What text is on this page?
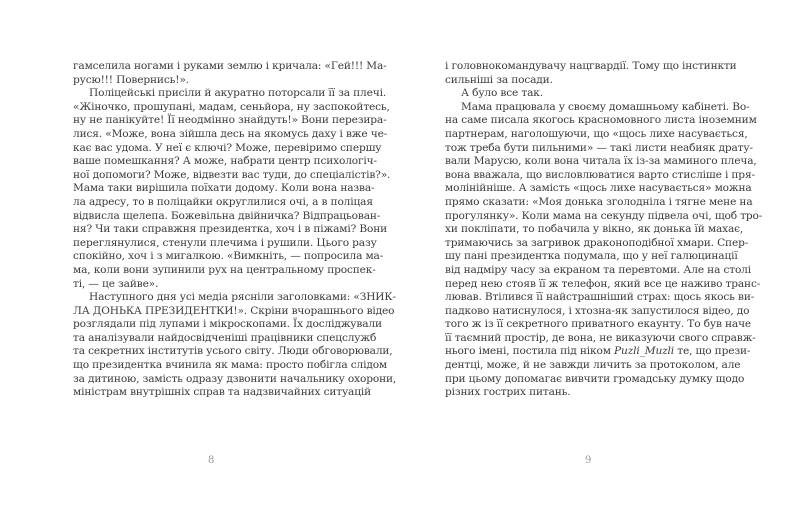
гамселила ногами і руками землю і кричала: «Гей!!! Ма-
русю!!! Повернись!».
Поліцейські присіли й акуратно поторсали її за плечі.
«Жіночко, прошупані, мадам, сеньйора, ну заспокойтесь,
ну не панікуйте! Її неодмінно знайдуть!» Вони перезира-
лися. «Може, вона зійшла десь на якомусь даху і вже че-
кає вас удома. У неї є ключі? Може, перевіримо спершу
ваше помешкання? А може, набрати центр психологіч-
ної допомоги? Може, відвезти вас туди, до спеціалістів?».
Мама таки вирішила поїхати додому. Коли вона назва-
ла адресу, то в поліцайки округлилися очі, а в поліцая
відвисла щелепа. Божевільна двійничка? Відпрацьован-
ня? Чи таки справжня президентка, хоч і в піжамі? Вони
переглянулися, стенули плечима і рушили. Цього разу
спокійно, хоч і з мигалкою. «Вимкніть, — попросила ма-
ма, коли вони зупинили рух на центральному проспек-
ті, — це зайве».
Наступного дня усі медіа рясніли заголовками: «ЗНИК-
ЛА ДОНЬКА ПРЕЗИДЕНТКИ!». Скріни вчорашнього відео
розглядали під лупами і мікроскопами. Їх досліджували
та аналізували найдосвідченіші працівники спецслужб
та секретних інститутів усього світу. Люди обговорювали,
що президентка вчинила як мама: просто побігла слідом
за дитиною, замість одразу дзвонити начальнику охорони,
міністрам внутрішніх справ та надзвичайних ситуацій
8
і головнокомандувачу нацгвардії. Тому що інстинкти
сильніші за посади.
А було все так.
Мама працювала у своєму домашньому кабінеті. Во-
на саме писала якогось красномовного листа іноземним
партнерам, наголошуючи, що «щось лихе насувається,
тож треба бути пильними» — такі листи неабияк драту-
вали Марусю, коли вона читала їх із-за маминого плеча,
вона вважала, що висловлюватися варто стисліше і пря-
молінійніше. А замість «щось лихе насувається» можна
прямо сказати: «Моя донька зголодніла і тягне мене на
прогулянку». Коли мама на секунду підвела очі, щоб тро-
хи поклiпати, то побачила у вікно, як донька їй махає,
тримаючись за загривок драконоподібної хмари. Спер-
шу пані президентка подумала, що у неї галюцинації
від надміру часу за екраном та перевтоми. Але на столі
перед нею стояв її ж телефон, який все це наживо транс-
лював. Втілився її найстрашніший страх: щось якось ви-
падково натиснулося, і хтозна-як запустилося відео, до
того ж із її секретного приватного екаунту. То був наче
її таємний простір, де вона, не виказуючи свого справж-
нього імені, постила під ніком Puzli_Muzli те, що прези-
дентці, може, й не завжди личить за протоколом, але
при цьому допомагає вивчити громадську думку щодо
різних гострих питань.
9
